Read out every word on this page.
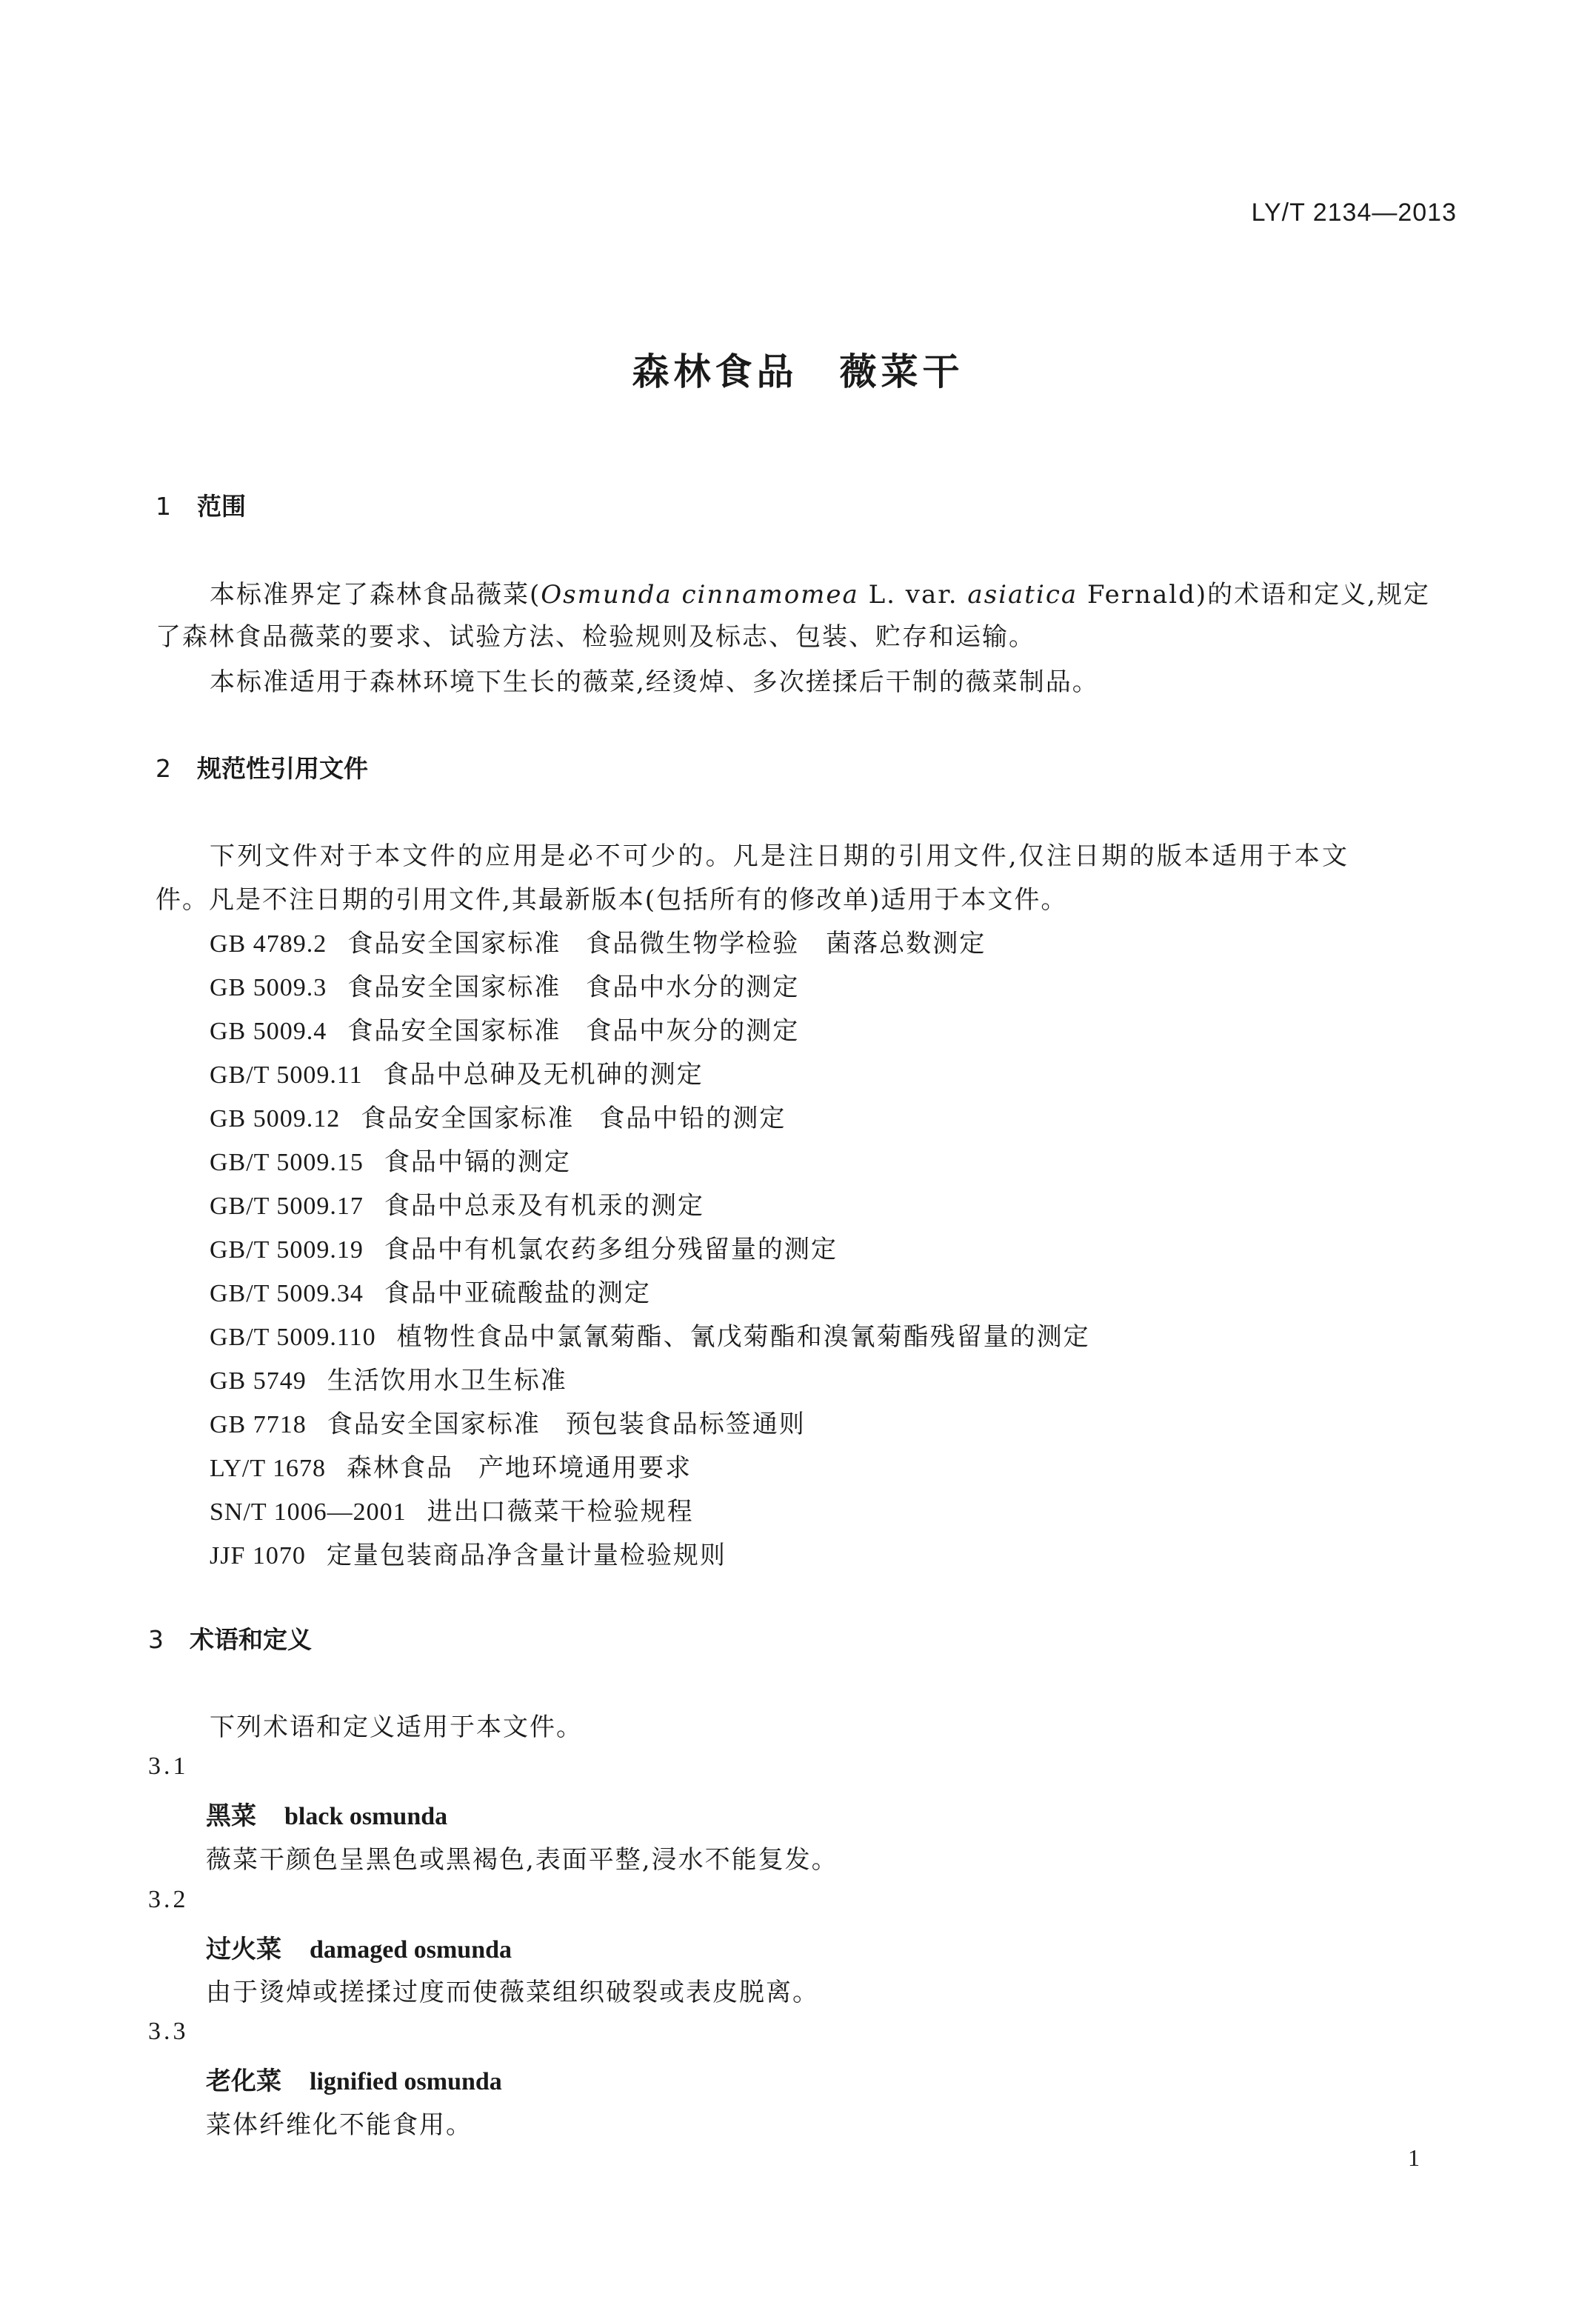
LY/T 2134—2013
森林食品 薇菜干
1 范围
本标准界定了森林食品薇菜(Osmunda cinnamomea L. var. asiatica Fernald)的术语和定义,规定
了森林食品薇菜的要求、试验方法、检验规则及标志、包装、贮存和运输。
本标准适用于森林环境下生长的薇菜,经烫焯、多次搓揉后干制的薇菜制品。
2 规范性引用文件
下列文件对于本文件的应用是必不可少的。凡是注日期的引用文件,仅注日期的版本适用于本文
件。凡是不注日期的引用文件,其最新版本(包括所有的修改单)适用于本文件。
GB 4789.2 食品安全国家标准 食品微生物学检验　菌落总数测定
GB 5009.3 食品安全国家标准 食品中水分的测定
GB 5009.4 食品安全国家标准 食品中灰分的测定
GB/T 5009.11 食品中总砷及无机砷的测定
GB 5009.12 食品安全国家标准 食品中铅的测定
GB/T 5009.15 食品中镉的测定
GB/T 5009.17 食品中总汞及有机汞的测定
GB/T 5009.19 食品中有机氯农药多组分残留量的测定
GB/T 5009.34 食品中亚硫酸盐的测定
GB/T 5009.110 植物性食品中氯氰菊酯、氰戊菊酯和溴氰菊酯残留量的测定
GB 5749 生活饮用水卫生标准
GB 7718 食品安全国家标准 预包装食品标签通则
LY/T 1678 森林食品 产地环境通用要求
SN/T 1006—2001 进出口薇菜干检验规程
JJF 1070 定量包装商品净含量计量检验规则
3 术语和定义
下列术语和定义适用于本文件。
3.1
黑菜 black osmunda
薇菜干颜色呈黑色或黑褐色,表面平整,浸水不能复发。
3.2
过火菜 damaged osmunda
由于烫焯或搓揉过度而使薇菜组织破裂或表皮脱离。
3.3
老化菜 lignified osmunda
菜体纤维化不能食用。
1
